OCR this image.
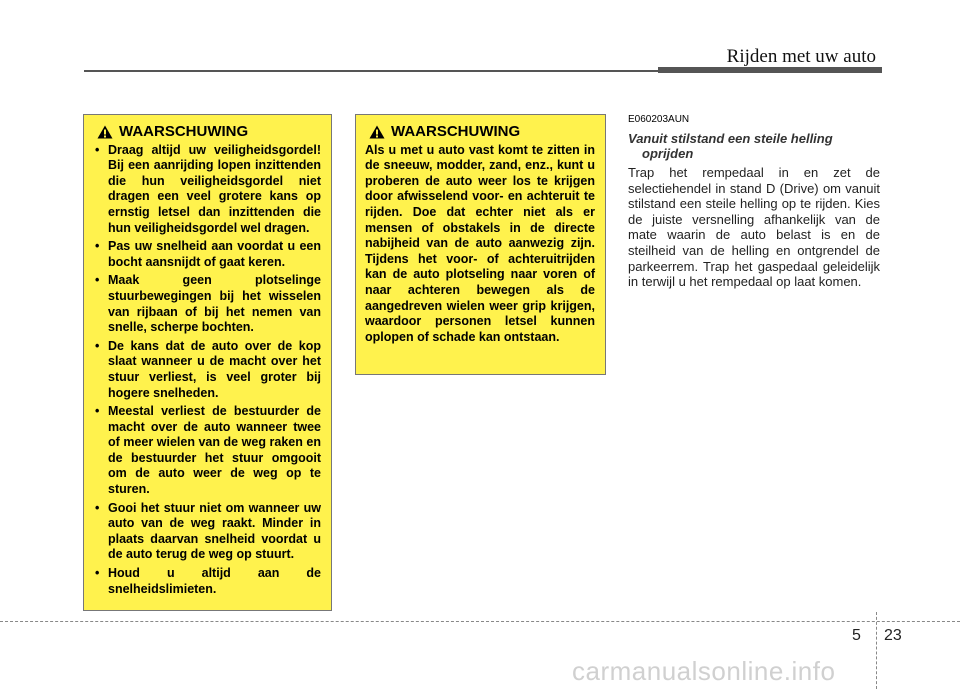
Rijden met uw auto
WAARSCHUWING
• Draag altijd uw veiligheidsgordel! Bij een aanrijding lopen inzittenden die hun veiligheidsgordel niet dragen een veel grotere kans op ernstig letsel dan inzittenden die hun veiligheidsgordel wel dragen.
• Pas uw snelheid aan voordat u een bocht aansnijdt of gaat keren.
• Maak geen plotselinge stuurbewegingen bij het wisselen van rijbaan of bij het nemen van snelle, scherpe bochten.
• De kans dat de auto over de kop slaat wanneer u de macht over het stuur verliest, is veel groter bij hogere snelheden.
• Meestal verliest de bestuurder de macht over de auto wanneer twee of meer wielen van de weg raken en de bestuurder het stuur omgooit om de auto weer de weg op te sturen.
• Gooi het stuur niet om wanneer uw auto van de weg raakt. Minder in plaats daarvan snelheid voordat u de auto terug de weg op stuurt.
• Houd u altijd aan de snelheidslimieten.
WAARSCHUWING
Als u met u auto vast komt te zitten in de sneeuw, modder, zand, enz., kunt u proberen de auto weer los te krijgen door afwisselend voor- en achteruit te rijden. Doe dat echter niet als er mensen of obstakels in de directe nabijheid van de auto aanwezig zijn. Tijdens het voor- of achteruitrijden kan de auto plotseling naar voren of naar achteren bewegen als de aangedreven wielen weer grip krijgen, waardoor personen letsel kunnen oplopen of schade kan ontstaan.
E060203AUN
Vanuit stilstand een steile helling
oprijden
Trap het rempedaal in en zet de selectiehendel in stand D (Drive) om vanuit stilstand een steile helling op te rijden. Kies de juiste versnelling afhankelijk van de mate waarin de auto belast is en de steilheid van de helling en ontgrendel de parkeerrem. Trap het gaspedaal geleidelijk in terwijl u het rempedaal op laat komen.
5 23
carmanualsonline.info
